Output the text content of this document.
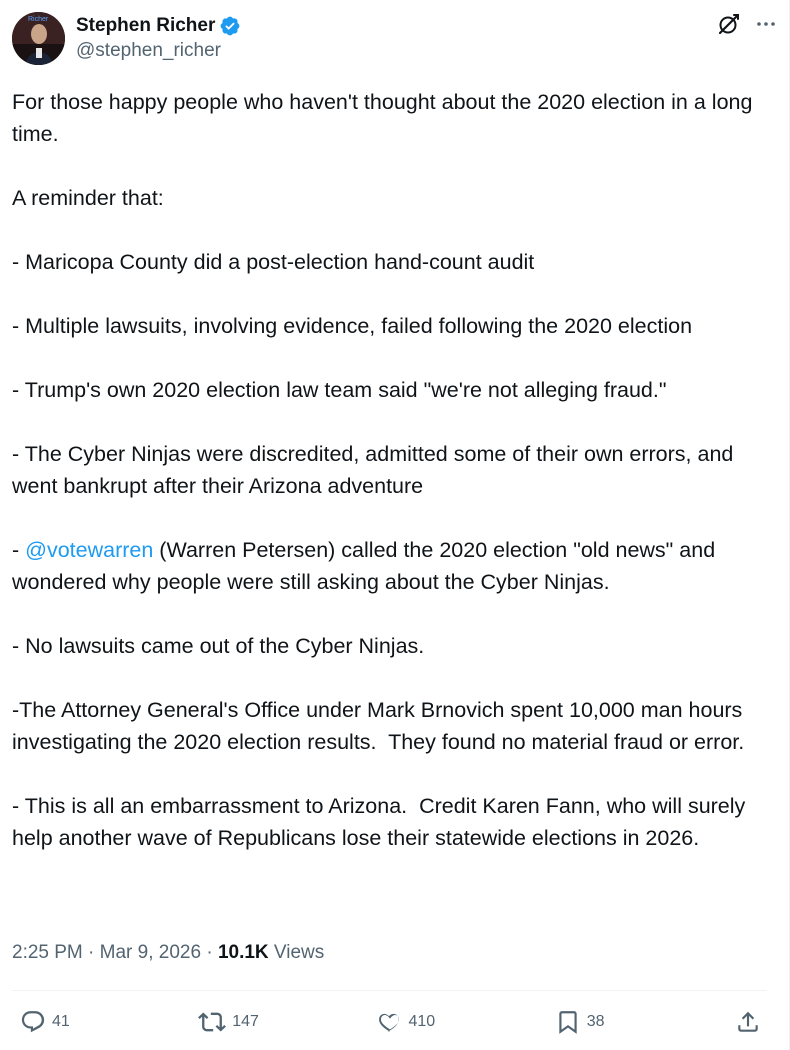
Richer Stephen Richer
@stephen_richer

For those happy people who haven't thought about the 2020 election in a long time.

A reminder that:

- Maricopa County did a post-election hand-count audit

- Multiple lawsuits, involving evidence, failed following the 2020 election

- Trump's own 2020 election law team said "we're not alleging fraud."

- The Cyber Ninjas were discredited, admitted some of their own errors, and went bankrupt after their Arizona adventure

- @votewarren (Warren Petersen) called the 2020 election "old news" and wondered why people were still asking about the Cyber Ninjas.

- No lawsuits came out of the Cyber Ninjas.

-The Attorney General's Office under Mark Brnovich spent 10,000 man hours investigating the 2020 election results.  They found no material fraud or error.

- This is all an embarrassment to Arizona.  Credit Karen Fann, who will surely help another wave of Republicans lose their statewide elections in 2026.

2:25 PM · Mar 9, 2026 · 10.1K Views
41	147	410	38
